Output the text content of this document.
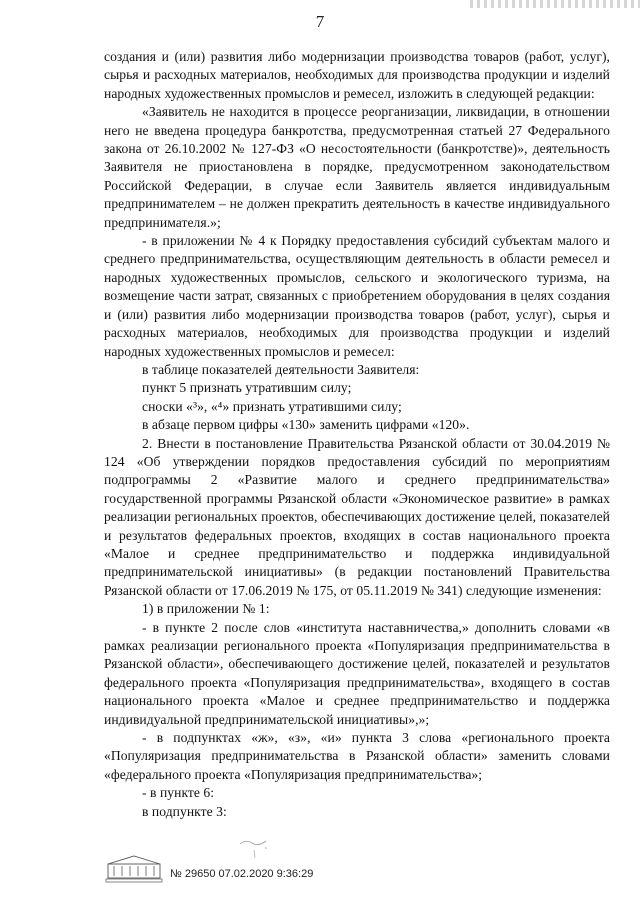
7

создания и (или) развития либо модернизации производства товаров (работ, услуг), сырья и расходных материалов, необходимых для производства продукции и изделий народных художественных промыслов и ремесел, изложить в следующей редакции:

«Заявитель не находится в процессе реорганизации, ликвидации, в отношении него не введена процедура банкротства, предусмотренная статьей 27 Федерального закона от 26.10.2002 № 127-ФЗ «О несостоятельности (банкротстве)», деятельность Заявителя не приостановлена в порядке, предусмотренном законодательством Российской Федерации, в случае если Заявитель является индивидуальным предпринимателем – не должен прекратить деятельность в качестве индивидуального предпринимателя.»;

- в приложении № 4 к Порядку предоставления субсидий субъектам малого и среднего предпринимательства, осуществляющим деятельность в области ремесел и народных художественных промыслов, сельского и экологического туризма, на возмещение части затрат, связанных с приобретением оборудования в целях создания и (или) развития либо модернизации производства товаров (работ, услуг), сырья и расходных материалов, необходимых для производства продукции и изделий народных художественных промыслов и ремесел:

в таблице показателей деятельности Заявителя:

пункт 5 признать утратившим силу;

сноски «³», «⁴» признать утратившими силу;

в абзаце первом цифры «130» заменить цифрами «120».

2. Внести в постановление Правительства Рязанской области от 30.04.2019 № 124 «Об утверждении порядков предоставления субсидий по мероприятиям подпрограммы 2 «Развитие малого и среднего предпринимательства» государственной программы Рязанской области «Экономическое развитие» в рамках реализации региональных проектов, обеспечивающих достижение целей, показателей и результатов федеральных проектов, входящих в состав национального проекта «Малое и среднее предпринимательство и поддержка индивидуальной предпринимательской инициативы» (в редакции постановлений Правительства Рязанской области от 17.06.2019 № 175, от 05.11.2019 № 341) следующие изменения:

1) в приложении № 1:

- в пункте 2 после слов «института наставничества,» дополнить словами «в рамках реализации регионального проекта «Популяризация предпринимательства в Рязанской области», обеспечивающего достижение целей, показателей и результатов федерального проекта «Популяризация предпринимательства», входящего в состав национального проекта «Малое и среднее предпринимательство и поддержка индивидуальной предпринимательской инициативы»,»;

- в подпунктах «ж», «з», «и» пункта 3 слова «регионального проекта «Популяризация предпринимательства в Рязанской области» заменить словами «федерального проекта «Популяризация предпринимательства»;

- в пункте 6:

в подпункте 3:

№ 29650 07.02.2020 9:36:29
